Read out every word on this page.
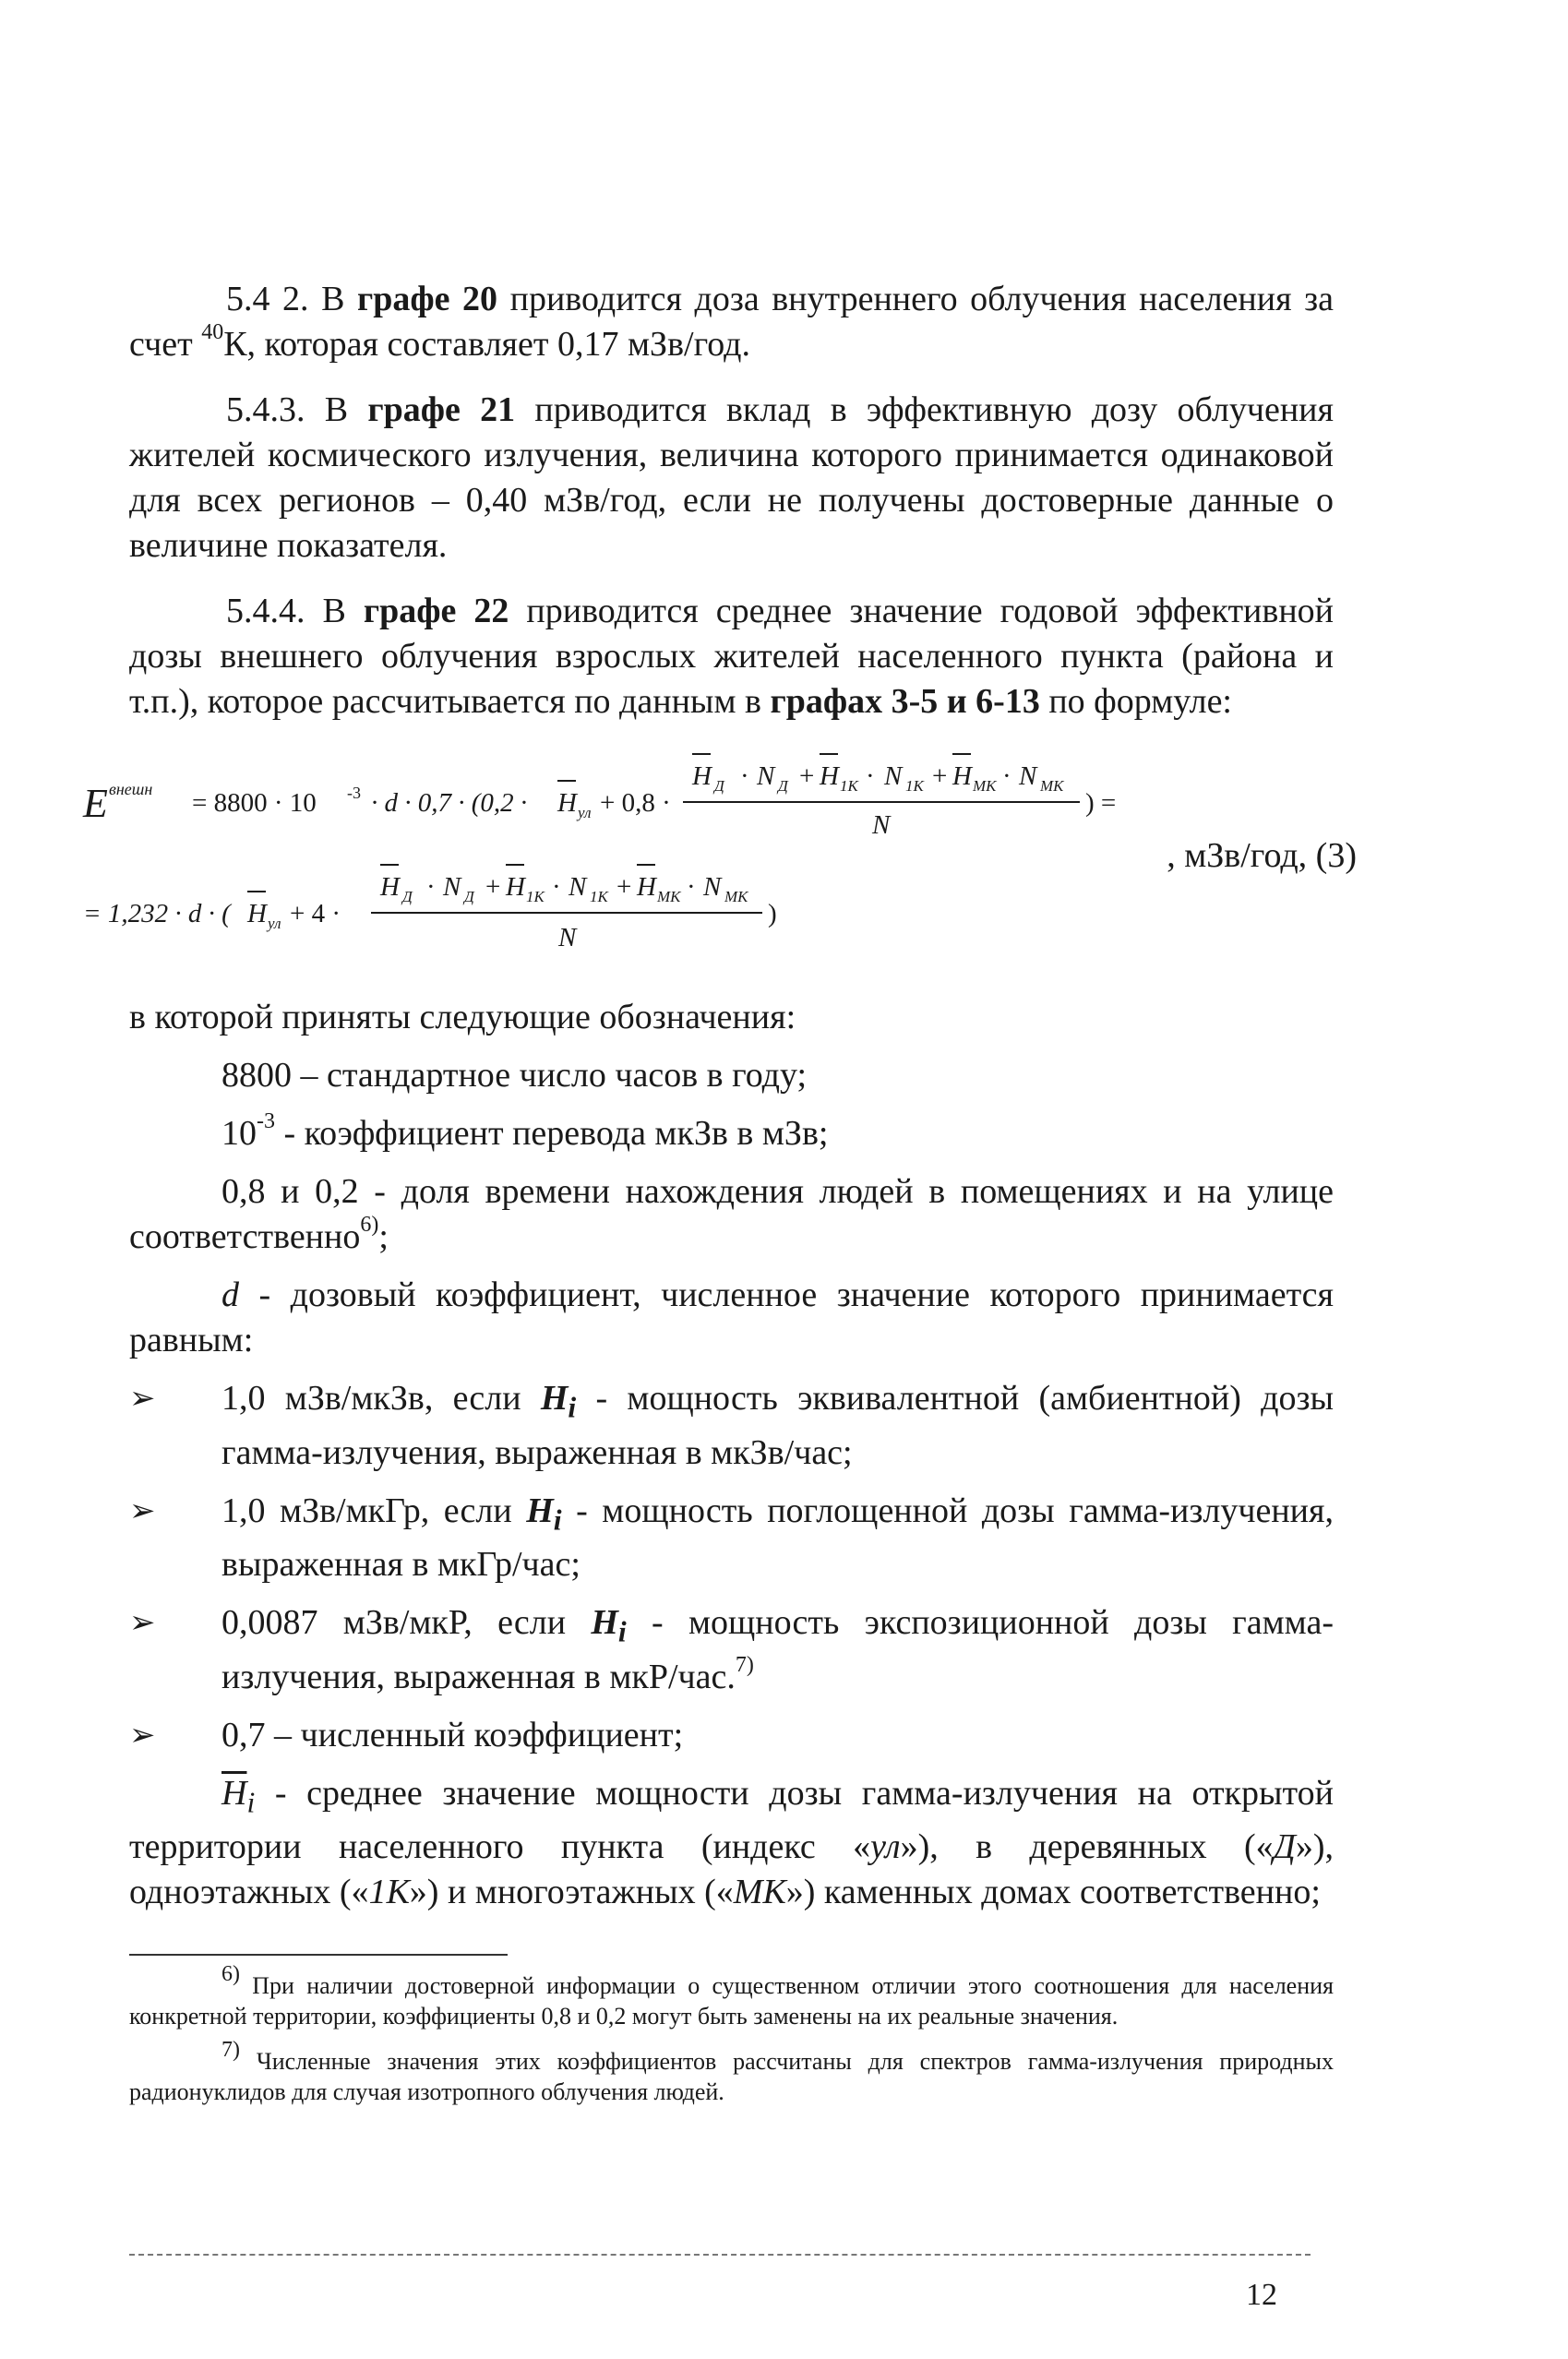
5.4 2. В графе 20 приводится доза внутреннего облучения населения за счет $^{40}$К, которая составляет 0,17 мЗв/год.

5.4.3. В графе 21 приводится вклад в эффективную дозу облучения жителей космического излучения, величина которого принимается одинаковой для всех регионов – 0,40 мЗв/год, если не получены достоверные данные о величине показателя.

5.4.4. В графе 22 приводится среднее значение годовой эффективной дозы внешнего облучения взрослых жителей населенного пункта (района и т.п.), которое рассчитывается по данным в графах 3-5 и 6-13 по формуле:

E внешн = 8800 · 10 -3 · d · 0,7 · (0,2 · H ул + 0,8 ·
H Д · N Д + H 1К · N 1К + H МК · N МК
N
) =
= 1,232 · d · ( H ул + 4 ·
H Д · N Д + H 1К · N 1К + H МК · N МК
N
)
, мЗв/год, (3)

в которой приняты следующие обозначения:

8800 – стандартное число часов в году;

$10^{-3}$ - коэффициент перевода мкЗв в мЗв;

0,8 и 0,2 - доля времени нахождения людей в помещениях и на улице соответственно$^{6)}$;

d - дозовый коэффициент, численное значение которого принимается равным:

➢	1,0 мЗв/мкЗв, если $H_i$ - мощность эквивалентной (амбиентной) дозы гамма-излучения, выраженная в мкЗв/час;
➢	1,0 мЗв/мкГр, если $H_i$ - мощность поглощенной дозы гамма-излучения, выраженная в мкГр/час;
➢	0,0087 мЗв/мкР, если $H_i$ - мощность экспозиционной дозы гамма-излучения, выраженная в мкР/час.$^{7)}$
➢	0,7 – численный коэффициент;

$\overline{H}_i$ - среднее значение мощности дозы гамма-излучения на открытой территории населенного пункта (индекс «ул»), в деревянных («Д»), одноэтажных («1К») и многоэтажных («МК») каменных домах соответственно;

$^{6)}$ При наличии достоверной информации о существенном отличии этого соотношения для населения конкретной территории, коэффициенты 0,8 и 0,2 могут быть заменены на их реальные значения.

$^{7)}$ Численные значения этих коэффициентов рассчитаны для спектров гамма-излучения природных радионуклидов для случая изотропного облучения людей.

12
